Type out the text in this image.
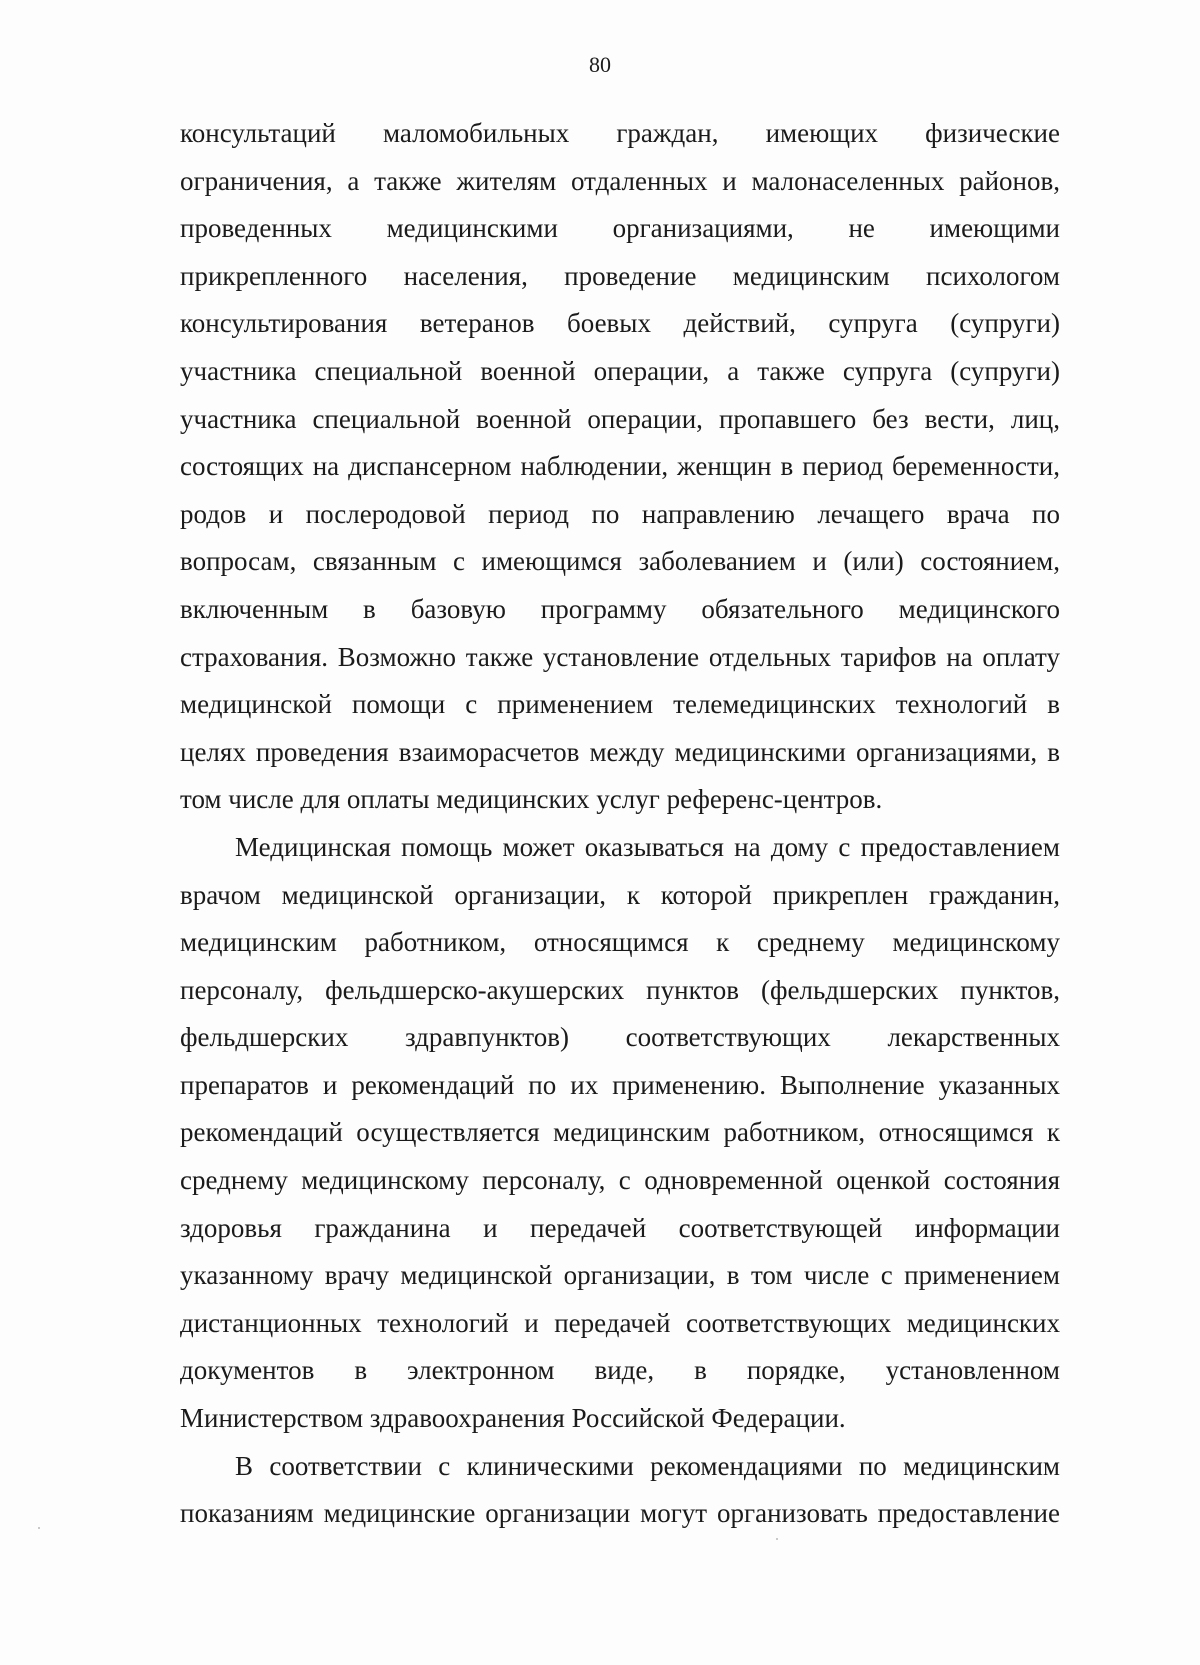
80

консультаций маломобильных граждан, имеющих физические
ограничения, а также жителям отдаленных и малонаселенных районов,
проведенных медицинскими организациями, не имеющими
прикрепленного населения, проведение медицинским психологом
консультирования ветеранов боевых действий, супруга (супруги)
участника специальной военной операции, а также супруга (супруги)
участника специальной военной операции, пропавшего без вести, лиц,
состоящих на диспансерном наблюдении, женщин в период беременности,
родов и послеродовой период по направлению лечащего врача по
вопросам, связанным с имеющимся заболеванием и (или) состоянием,
включенным в базовую программу обязательного медицинского
страхования. Возможно также установление отдельных тарифов на оплату
медицинской помощи с применением телемедицинских технологий в
целях проведения взаиморасчетов между медицинскими организациями, в
том числе для оплаты медицинских услуг референс-центров.

Медицинская помощь может оказываться на дому с предоставлением
врачом медицинской организации, к которой прикреплен гражданин,
медицинским работником, относящимся к среднему медицинскому
персоналу, фельдшерско-акушерских пунктов (фельдшерских пунктов,
фельдшерских здравпунктов) соответствующих лекарственных
препаратов и рекомендаций по их применению. Выполнение указанных
рекомендаций осуществляется медицинским работником, относящимся к
среднему медицинскому персоналу, с одновременной оценкой состояния
здоровья гражданина и передачей соответствующей информации
указанному врачу медицинской организации, в том числе с применением
дистанционных технологий и передачей соответствующих медицинских
документов в электронном виде, в порядке, установленном
Министерством здравоохранения Российской Федерации.

В соответствии с клиническими рекомендациями по медицинским
показаниям медицинские организации могут организовать предоставление
